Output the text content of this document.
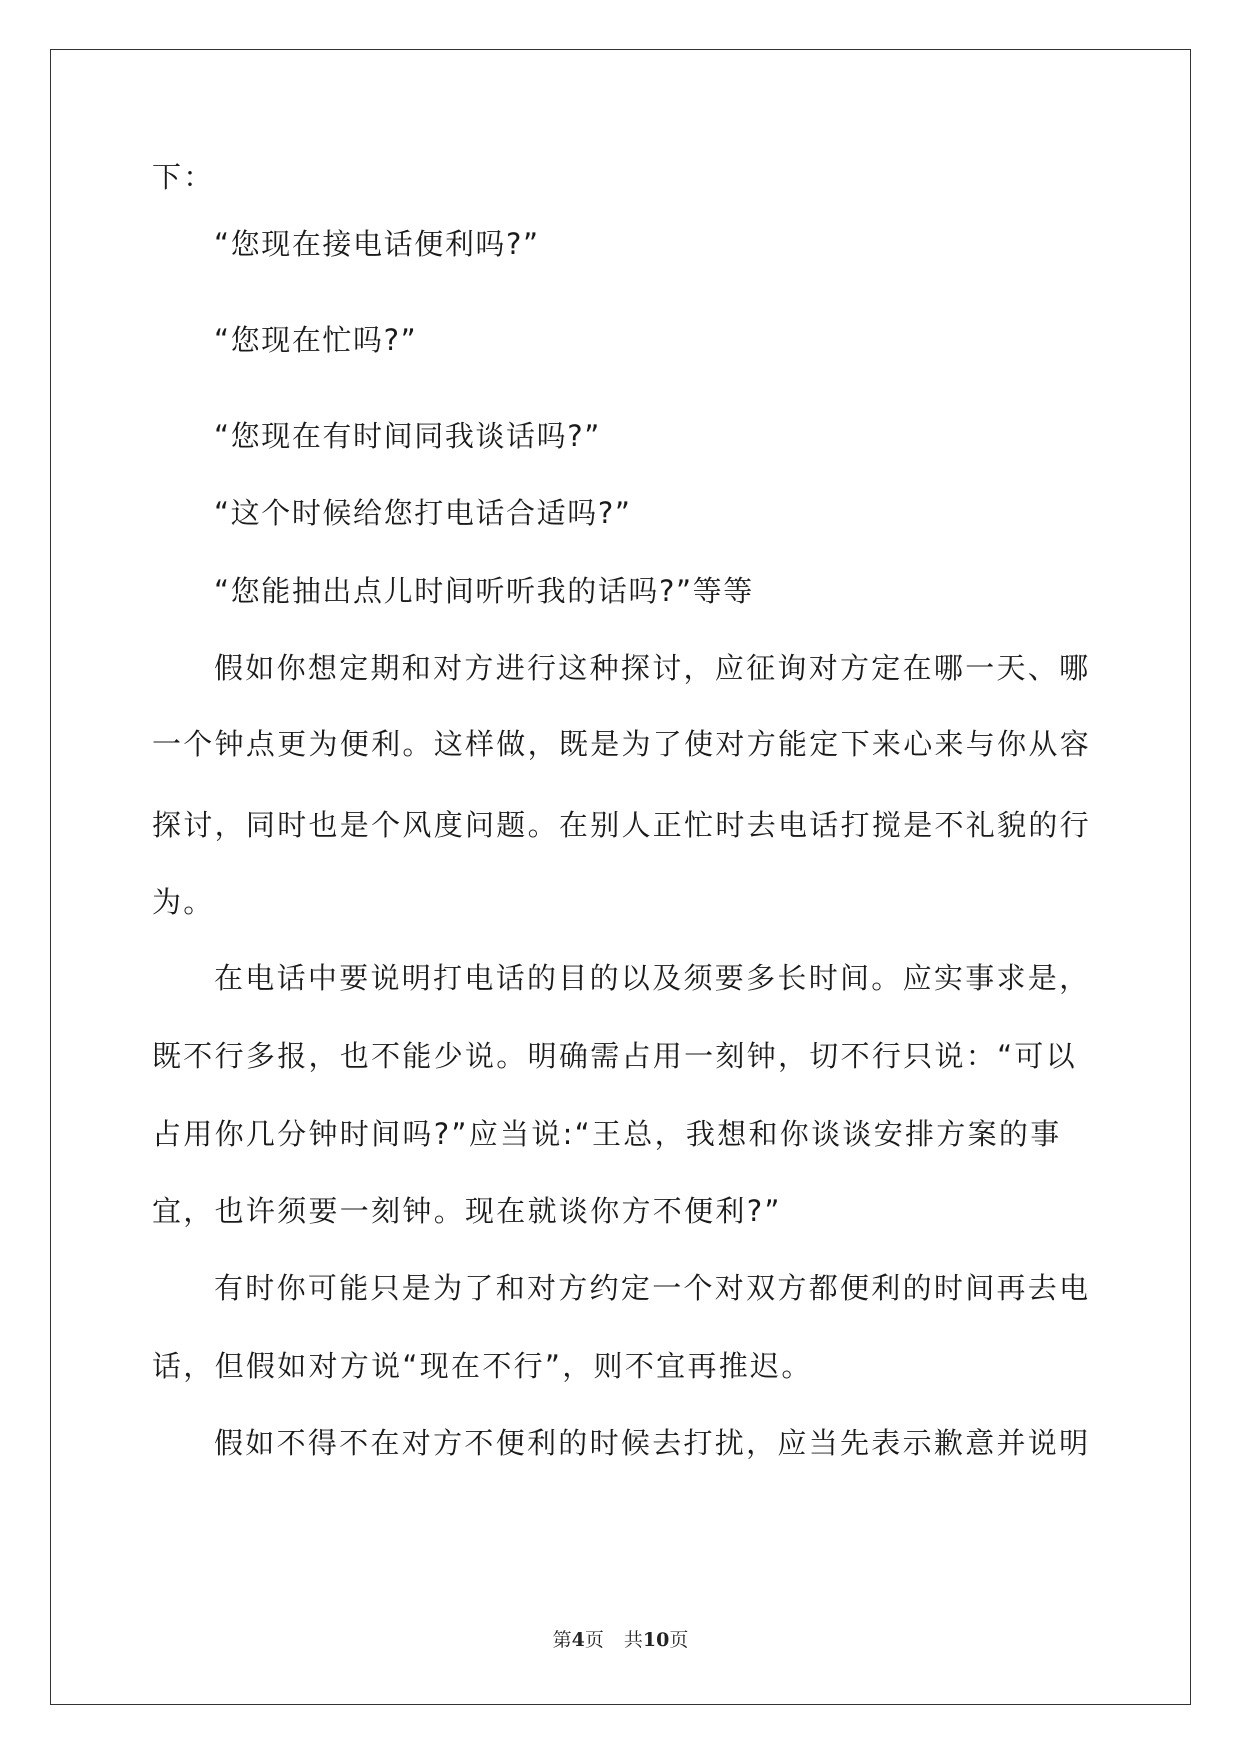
下：
“您现在接电话便利吗?”
“您现在忙吗?”
“您现在有时间同我谈话吗?”
“这个时候给您打电话合适吗?”
“您能抽出点儿时间听听我的话吗?”等等
假如你想定期和对方进行这种探讨，应征询对方定在哪一天、哪
一个钟点更为便利。这样做，既是为了使对方能定下来心来与你从容
探讨，同时也是个风度问题。在别人正忙时去电话打搅是不礼貌的行
为。
在电话中要说明打电话的目的以及须要多长时间。应实事求是，
既不行多报，也不能少说。明确需占用一刻钟，切不行只说：“可以
占用你几分钟时间吗?”应当说:“王总，我想和你谈谈安排方案的事
宜，也许须要一刻钟。现在就谈你方不便利?”
有时你可能只是为了和对方约定一个对双方都便利的时间再去电
话，但假如对方说“现在不行”，则不宜再推迟。
假如不得不在对方不便利的时候去打扰，应当先表示歉意并说明
第4页 共10页
